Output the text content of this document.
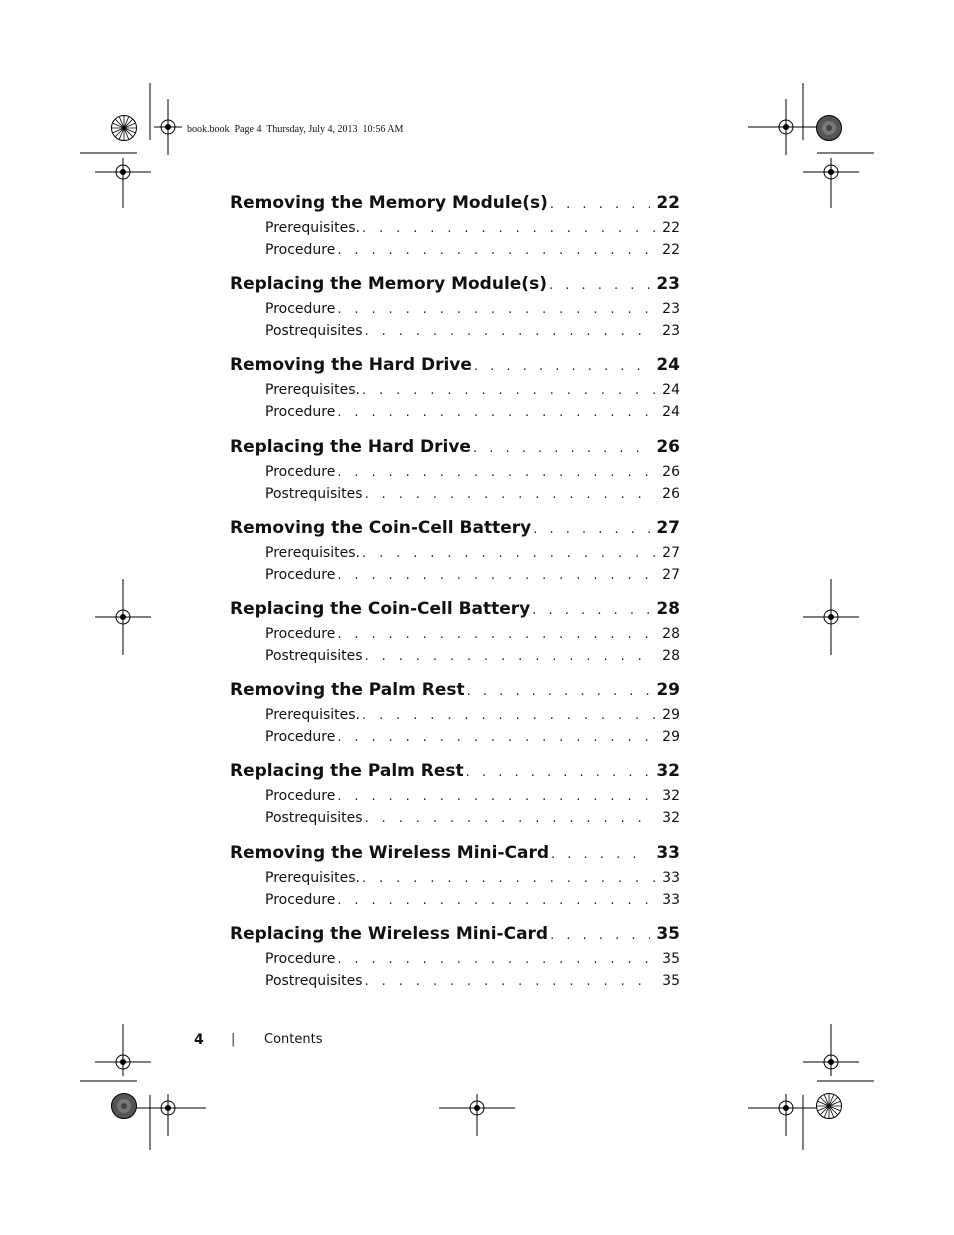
book.book  Page 4  Thursday, July 4, 2013  10:56 AM
Removing the Memory Module(s) . . .	22
Prerequisites. . . .	22
Procedure . . .	22
Replacing the Memory Module(s) . . .	23
Procedure . . .	23
Postrequisites . . .	23
Removing the Hard Drive . . .	24
Prerequisites. . . .	24
Procedure . . .	24
Replacing the Hard Drive . . .	26
Procedure . . .	26
Postrequisites . . .	26
Removing the Coin-Cell Battery . . .	27
Prerequisites. . . .	27
Procedure . . .	27
Replacing the Coin-Cell Battery . . .	28
Procedure . . .	28
Postrequisites . . .	28
Removing the Palm Rest . . .	29
Prerequisites. . . .	29
Procedure . . .	29
Replacing the Palm Rest . . .	32
Procedure . . .	32
Postrequisites . . .	32
Removing the Wireless Mini-Card . . .	33
Prerequisites. . . .	33
Procedure . . .	33
Replacing the Wireless Mini-Card . . .	35
Procedure . . .	35
Postrequisites . . .	35
4 | Contents
